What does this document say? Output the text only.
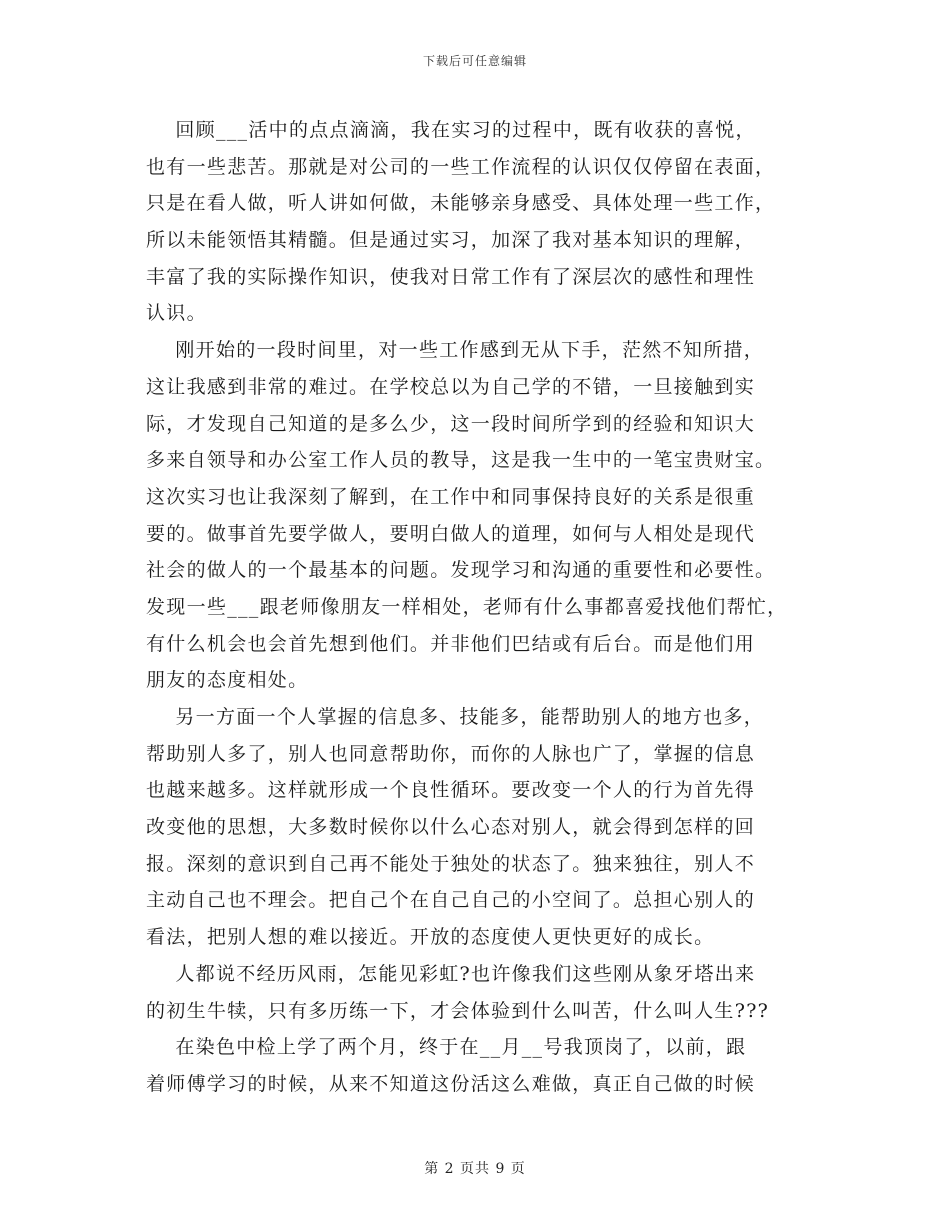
下载后可任意编辑
回顾___活中的点点滴滴，我在实习的过程中，既有收获的喜悦，
也有一些悲苦。那就是对公司的一些工作流程的认识仅仅停留在表面，
只是在看人做，听人讲如何做，未能够亲身感受、具体处理一些工作，
所以未能领悟其精髓。但是通过实习，加深了我对基本知识的理解，
丰富了我的实际操作知识，使我对日常工作有了深层次的感性和理性
认识。
刚开始的一段时间里，对一些工作感到无从下手，茫然不知所措，
这让我感到非常的难过。在学校总以为自己学的不错，一旦接触到实
际，才发现自己知道的是多么少，这一段时间所学到的经验和知识大
多来自领导和办公室工作人员的教导，这是我一生中的一笔宝贵财宝。
这次实习也让我深刻了解到，在工作中和同事保持良好的关系是很重
要的。做事首先要学做人，要明白做人的道理，如何与人相处是现代
社会的做人的一个最基本的问题。发现学习和沟通的重要性和必要性。
发现一些___跟老师像朋友一样相处，老师有什么事都喜爱找他们帮忙，
有什么机会也会首先想到他们。并非他们巴结或有后台。而是他们用
朋友的态度相处。
另一方面一个人掌握的信息多、技能多，能帮助别人的地方也多，
帮助别人多了，别人也同意帮助你，而你的人脉也广了，掌握的信息
也越来越多。这样就形成一个良性循环。要改变一个人的行为首先得
改变他的思想，大多数时候你以什么心态对别人，就会得到怎样的回
报。深刻的意识到自己再不能处于独处的状态了。独来独往，别人不
主动自己也不理会。把自己个在自己自己的小空间了。总担心别人的
看法，把别人想的难以接近。开放的态度使人更快更好的成长。
人都说不经历风雨，怎能见彩虹?也许像我们这些刚从象牙塔出来
的初生牛犊，只有多历练一下，才会体验到什么叫苦，什么叫人生???
在染色中检上学了两个月，终于在__月__号我顶岗了，以前，跟
着师傅学习的时候，从来不知道这份活这么难做，真正自己做的时候
第 2 页共 9 页
